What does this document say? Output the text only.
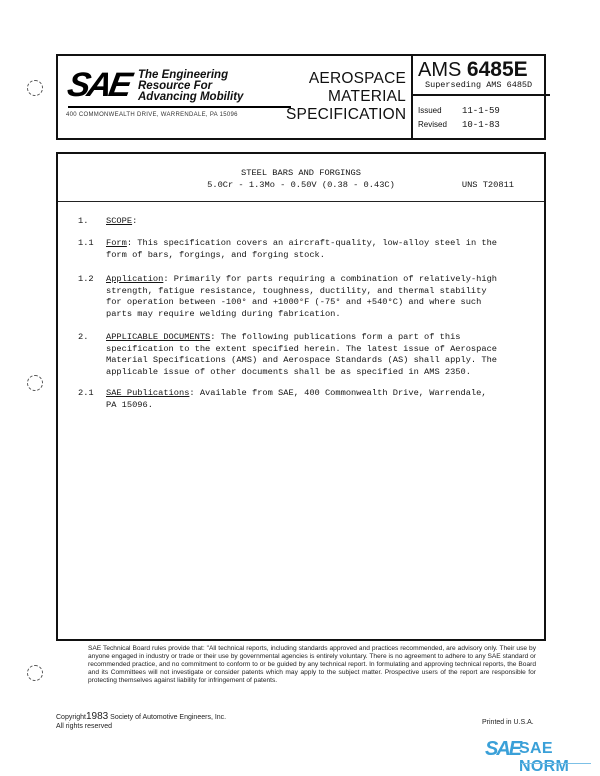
SAE The Engineering
Resource For
Advancing Mobility
400 COMMONWEALTH DRIVE, WARRENDALE, PA 15096
AEROSPACE
MATERIAL
SPECIFICATION
AMS 6485E
Superseding AMS 6485D
Issued 11-1-59
Revised 10-1-83
STEEL BARS AND FORGINGS
5.0Cr - 1.3Mo - 0.50V (0.38 - 0.43C)	UNS T20811
1. SCOPE:
1.1 Form: This specification covers an aircraft-quality, low-alloy steel in the
form of bars, forgings, and forging stock.
1.2 Application: Primarily for parts requiring a combination of relatively-high
strength, fatigue resistance, toughness, ductility, and thermal stability
for operation between -100° and +1000°F (-75° and +540°C) and where such
parts may require welding during fabrication.
2. APPLICABLE DOCUMENTS: The following publications form a part of this
specification to the extent specified herein. The latest issue of Aerospace
Material Specifications (AMS) and Aerospace Standards (AS) shall apply. The
applicable issue of other documents shall be as specified in AMS 2350.
2.1 SAE Publications: Available from SAE, 400 Commonwealth Drive, Warrendale,
PA 15096.
SAE Technical Board rules provide that: "All technical reports, including standards approved and practices recommended, are advisory only. Their use by anyone engaged in industry or trade or their use by governmental agencies is entirely voluntary. There is no agreement to adhere to any SAE standard or recommended practice, and no commitment to conform to or be guided by any technical report. In formulating and approving technical reports, the Board and its Committees will not investigate or consider patents which may apply to the subject matter. Prospective users of the report are responsible for protecting themselves against liability for infringement of patents.
Copyright1983 Society of Automotive Engineers, Inc.
All rights reserved
Printed in U.S.A.
SAE
SAE NORM
